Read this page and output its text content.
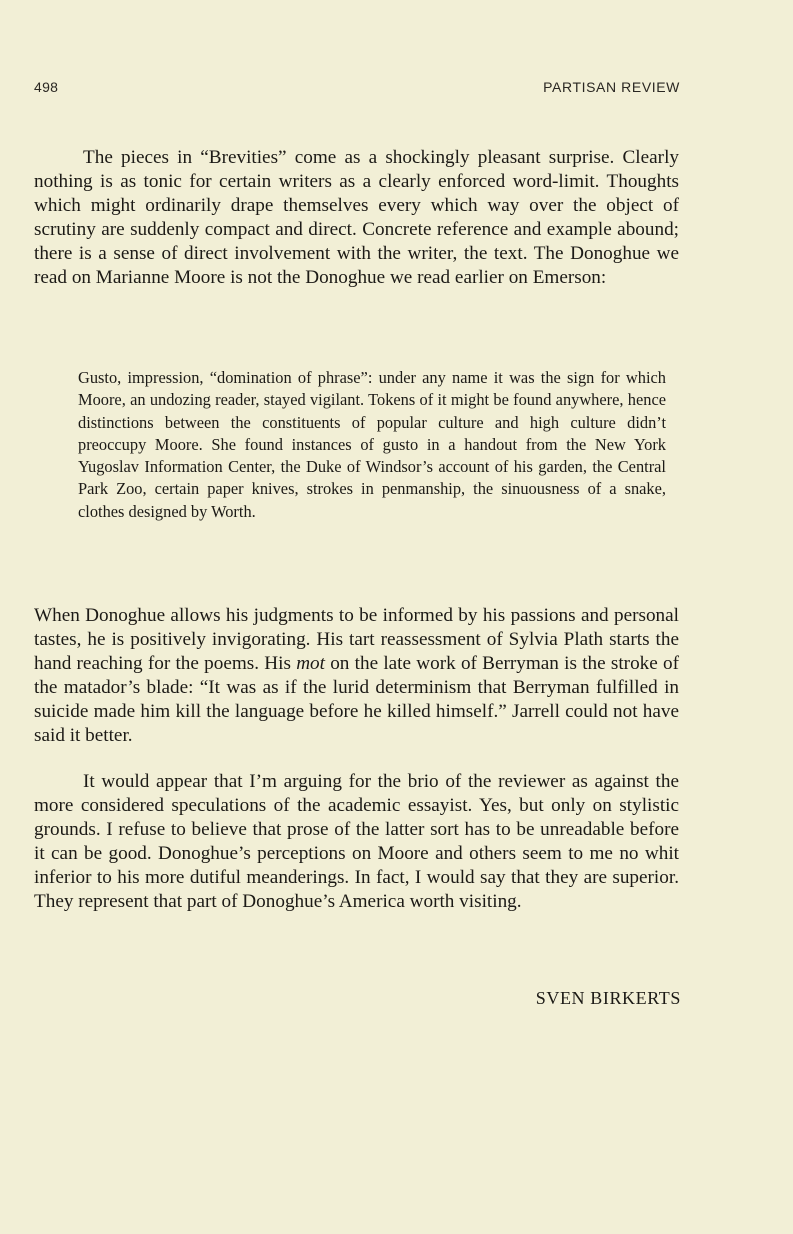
498	PARTISAN REVIEW

The pieces in “Brevities” come as a shockingly pleasant surprise. Clearly nothing is as tonic for certain writers as a clearly enforced word-limit. Thoughts which might ordinarily drape themselves every which way over the object of scrutiny are suddenly compact and direct. Concrete reference and example abound; there is a sense of direct involvement with the writer, the text. The Donoghue we read on Marianne Moore is not the Donoghue we read earlier on Emerson:

Gusto, impression, “domination of phrase”: under any name it was the sign for which Moore, an undozing reader, stayed vigilant. Tokens of it might be found anywhere, hence distinctions between the constituents of popular culture and high culture didn’t preoccupy Moore. She found instances of gusto in a handout from the New York Yugoslav Information Center, the Duke of Windsor’s account of his garden, the Central Park Zoo, certain paper knives, strokes in penmanship, the sinuousness of a snake, clothes designed by Worth.

When Donoghue allows his judgments to be informed by his passions and personal tastes, he is positively invigorating. His tart reassessment of Sylvia Plath starts the hand reaching for the poems. His mot on the late work of Berryman is the stroke of the matador’s blade: “It was as if the lurid determinism that Berryman fulfilled in suicide made him kill the language before he killed himself.” Jarrell could not have said it better.

It would appear that I’m arguing for the brio of the reviewer as against the more considered speculations of the academic essayist. Yes, but only on stylistic grounds. I refuse to believe that prose of the latter sort has to be unreadable before it can be good. Donoghue’s perceptions on Moore and others seem to me no whit inferior to his more dutiful meanderings. In fact, I would say that they are superior. They represent that part of Donoghue’s America worth visiting.

SVEN BIRKERTS
